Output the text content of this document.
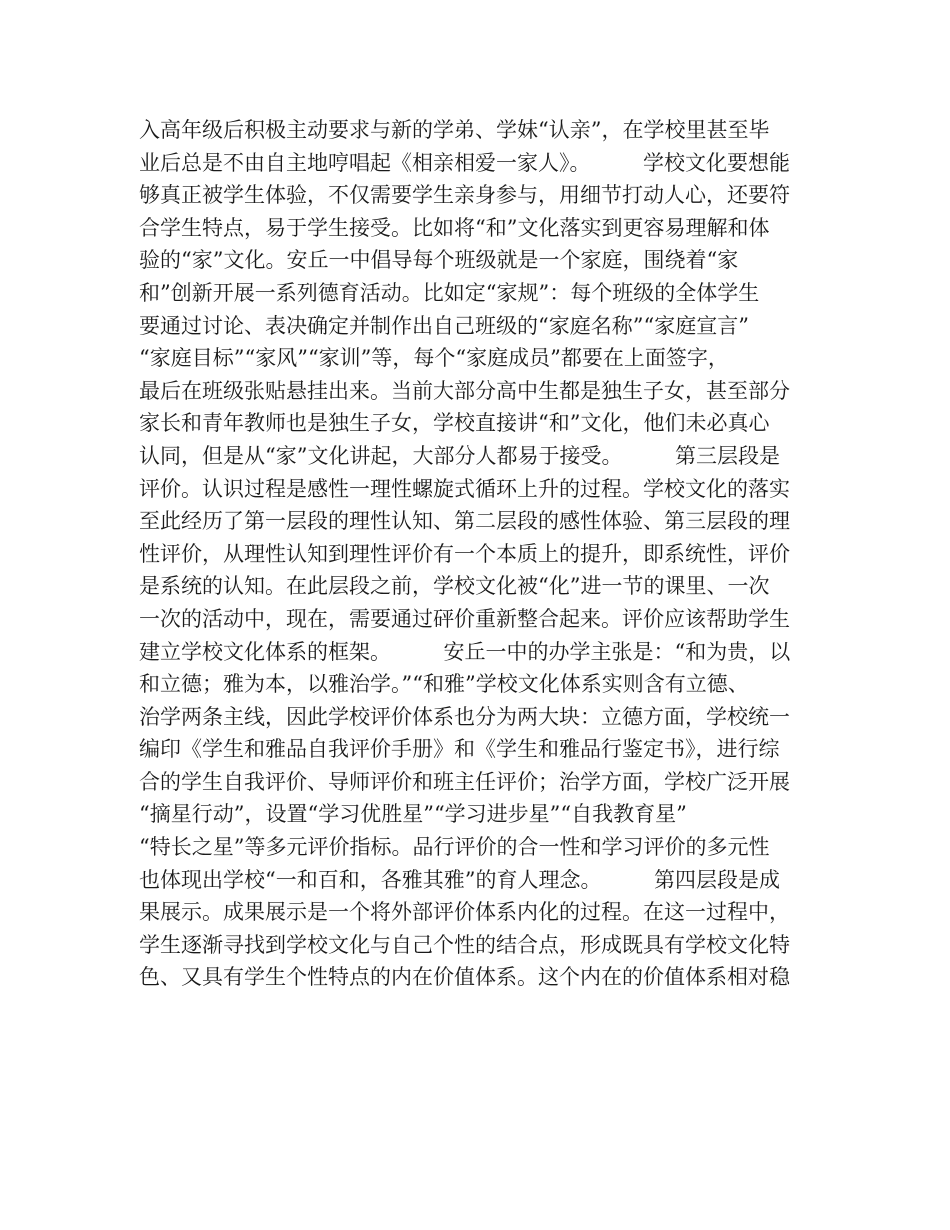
入高年级后积极主动要求与新的学弟、学妹“认亲”，在学校里甚至毕
业后总是不由自主地哼唱起《相亲相爱一家人》。　　　学校文化要想能
够真正被学生体验，不仅需要学生亲身参与，用细节打动人心，还要符
合学生特点，易于学生接受。比如将“和”文化落实到更容易理解和体
验的“家”文化。安丘一中倡导每个班级就是一个家庭，围绕着“家
和”创新开展一系列德育活动。比如定“家规”：每个班级的全体学生
要通过讨论、表决确定并制作出自己班级的“家庭名称”“家庭宣言”
“家庭目标”“家风”“家训”等，每个“家庭成员”都要在上面签字，
最后在班级张贴悬挂出来。当前大部分高中生都是独生子女，甚至部分
家长和青年教师也是独生子女，学校直接讲“和”文化，他们未必真心
认同，但是从“家”文化讲起，大部分人都易于接受。　　　第三层段是
评价。认识过程是感性一理性螺旋式循环上升的过程。学校文化的落实
至此经历了第一层段的理性认知、第二层段的感性体验、第三层段的理
性评价，从理性认知到理性评价有一个本质上的提升，即系统性，评价
是系统的认知。在此层段之前，学校文化被“化”进一节的课里、一次
一次的活动中，现在，需要通过砰价重新整合起来。评价应该帮助学生
建立学校文化体系的框架。　　　安丘一中的办学主张是：“和为贵，以
和立德；雅为本，以雅治学。”“和雅”学校文化体系实则含有立德、
治学两条主线，因此学校评价体系也分为两大块：立德方面，学校统一
编印《学生和雅品自我评价手册》和《学生和雅品行鉴定书》，进行综
合的学生自我评价、导师评价和班主任评价；治学方面，学校广泛开展
“摘星行动”，设置“学习优胜星”“学习进步星”“自我教育星”
“特长之星”等多元评价指标。品行评价的合一性和学习评价的多元性
也体现出学校“一和百和，各雅其雅”的育人理念。　　　第四层段是成
果展示。成果展示是一个将外部评价体系内化的过程。在这一过程中，
学生逐渐寻找到学校文化与自己个性的结合点，形成既具有学校文化特
色、又具有学生个性特点的内在价值体系。这个内在的价值体系相对稳
